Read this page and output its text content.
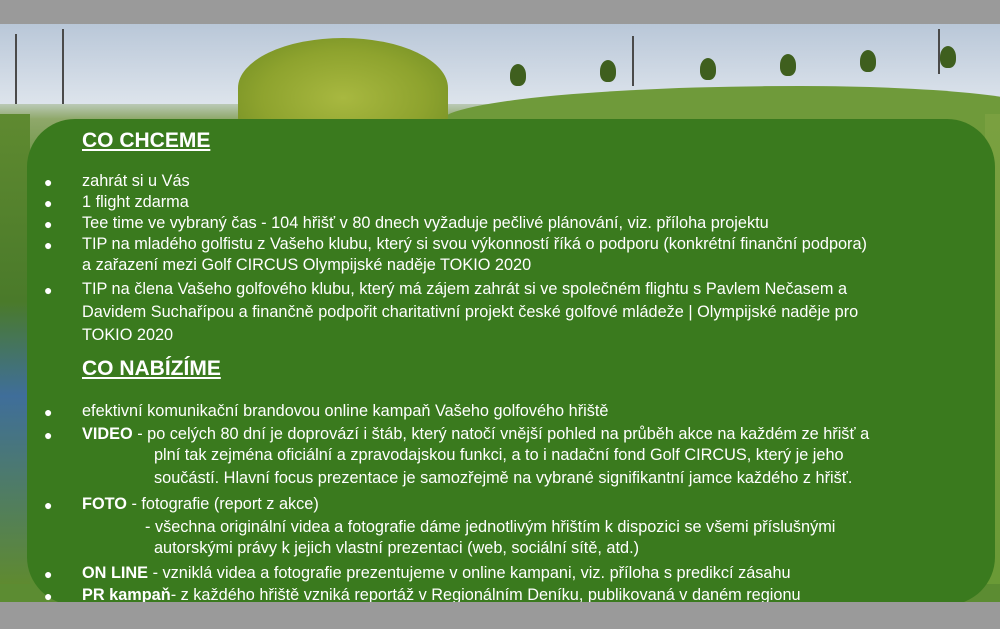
CO CHCEME
● zahrát si u Vás
● 1 flight zdarma
● Tee time ve vybraný čas - 104 hřišť v 80 dnech vyžaduje pečlivé plánování, viz. příloha projektu
● TIP na mladého golfistu z Vašeho klubu, který si svou výkonností říká o podporu (konkrétní finanční podpora)
a zařazení mezi Golf CIRCUS Olympijské naděje TOKIO 2020
● TIP na člena Vašeho golfového klubu, který má zájem zahrát si ve společném flightu s Pavlem Nečasem a
Davidem Suchařípou a finančně podpořit charitativní projekt české golfové mládeže | Olympijské naděje pro
TOKIO 2020
CO NABÍZÍME
● efektivní komunikační brandovou online kampaň Vašeho golfového hřiště
● VIDEO - po celých 80 dní je doprovází i štáb, který natočí vnější pohled na průběh akce na každém ze hřišť a
plní tak zejména oficiální a zpravodajskou funkci, a to i nadační fond Golf CIRCUS, který je jeho
součástí. Hlavní focus prezentace je samozřejmě na vybrané signifikantní jamce každého z hřišť.
● FOTO - fotografie (report z akce)
- všechna originální videa a fotografie dáme jednotlivým hřištím k dispozici se všemi příslušnými
autorskými právy k jejich vlastní prezentaci (web, sociální sítě, atd.)
● ON LINE - vzniklá videa a fotografie prezentujeme v online kampani, viz. příloha s predikcí zásahu
● PR kampaň- z každého hřiště vzniká reportáž v Regionálním Deníku, publikovaná v daném regionu
